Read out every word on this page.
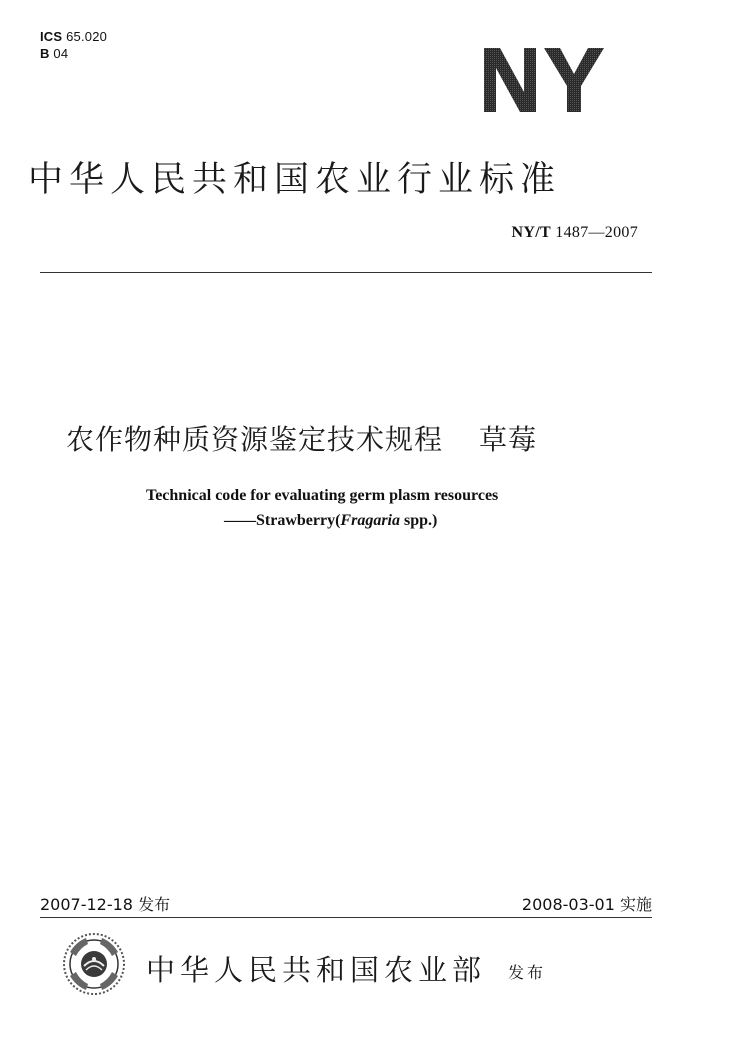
ICS 65.020
B 04
中华人民共和国农业行业标准
NY/T 1487—2007
农作物种质资源鉴定技术规程 草莓
Technical code for evaluating germ plasm resources
——Strawberry(Fragaria spp.)
2007-12-18 发布	2008-03-01 实施
中华人民共和国农业部 发布
